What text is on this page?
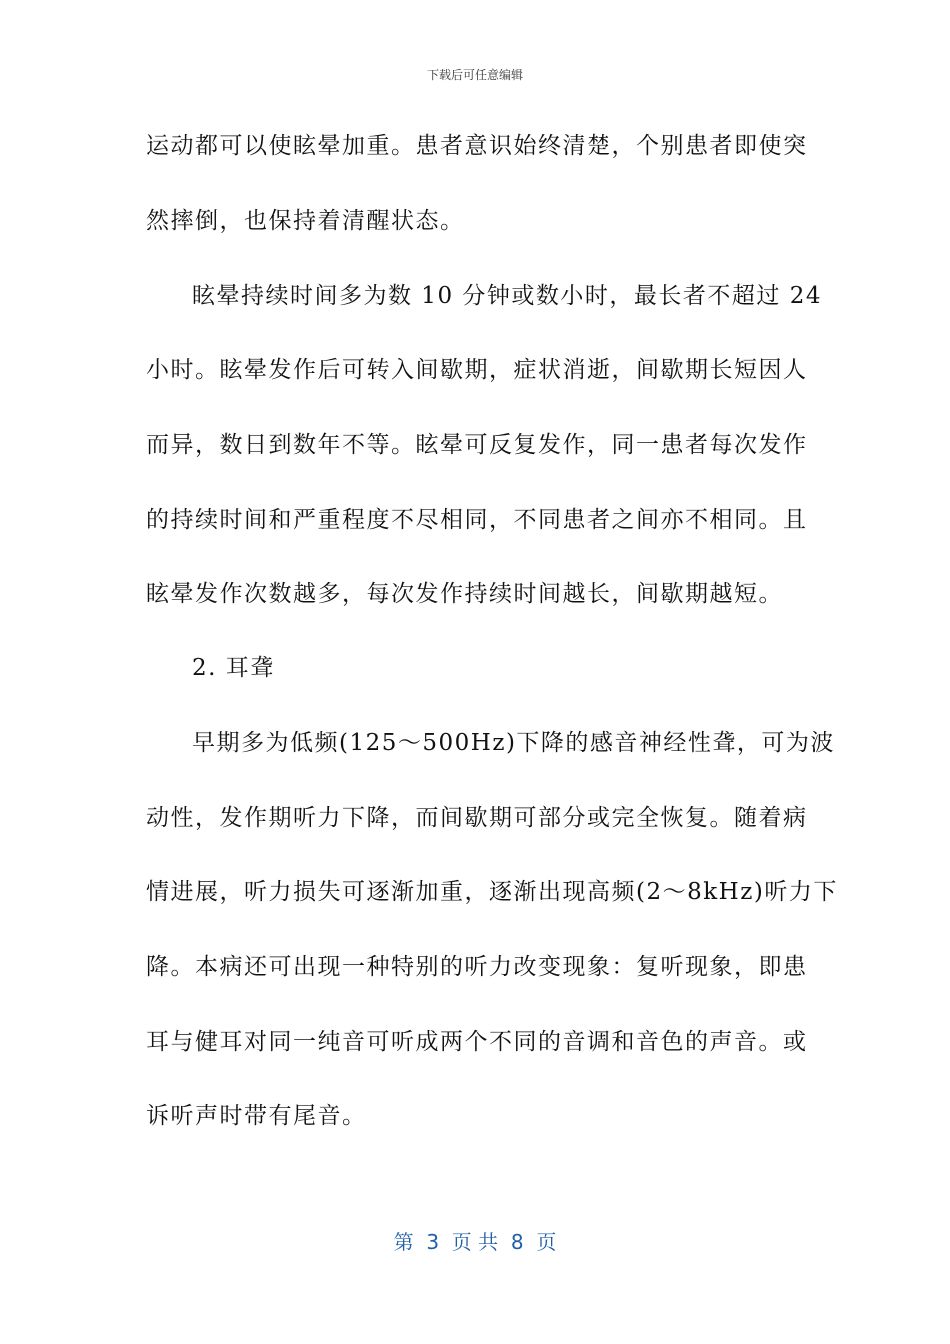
下载后可任意编辑
运动都可以使眩晕加重。患者意识始终清楚，个别患者即使突
然摔倒，也保持着清醒状态。
眩晕持续时间多为数 10 分钟或数小时，最长者不超过 24
小时。眩晕发作后可转入间歇期，症状消逝，间歇期长短因人
而异，数日到数年不等。眩晕可反复发作，同一患者每次发作
的持续时间和严重程度不尽相同，不同患者之间亦不相同。且
眩晕发作次数越多，每次发作持续时间越长，间歇期越短。
2. 耳聋
早期多为低频(125～500Hz)下降的感音神经性聋，可为波
动性，发作期听力下降，而间歇期可部分或完全恢复。随着病
情进展，听力损失可逐渐加重，逐渐出现高频(2～8kHz)听力下
降。本病还可出现一种特别的听力改变现象：复听现象，即患
耳与健耳对同一纯音可听成两个不同的音调和音色的声音。或
诉听声时带有尾音。
第  3  页 共  8  页
